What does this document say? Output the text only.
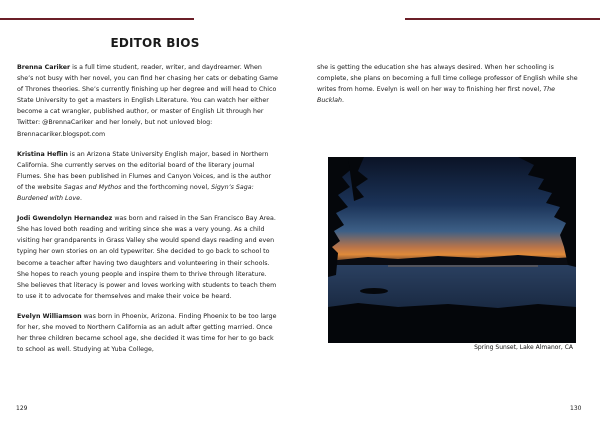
EDITOR BIOS

Brenna Cariker is a full time student, reader, writer, and daydreamer. When she’s not busy with her novel, you can find her chasing her cats or debating Game of Thrones theories. She’s currently finishing up her degree and will head to Chico State University to get a masters in English Literature. You can watch her either become a cat wrangler, published author, or master of English Lit through her Twitter: @BrennaCariker and her lonely, but not unloved blog: Brennacariker.blogspot.com

Kristina Heflin is an Arizona State University English major, based in Northern California. She currently serves on the editorial board of the literary journal Flumes. She has been published in Flumes and Canyon Voices, and is the author of the website Sagas and Mythos and the forthcoming novel, Sigyn’s Saga: Burdened with Love.

Jodi Gwendolyn Hernandez was born and raised in the San Francisco Bay Area. She has loved both reading and writing since she was a very young. As a child visiting her grandparents in Grass Valley she would spend days reading and even typing her own stories on an old typewriter. She decided to go back to school to become a teacher after having two daughters and volunteering in their schools. She hopes to reach young people and inspire them to thrive through literature. She believes that literacy is power and loves working with students to teach them to use it to advocate for themselves and make their voice be heard.

Evelyn Williamson was born in Phoenix, Arizona. Finding Phoenix to be too large for her, she moved to Northern California as an adult after getting married. Once her three children became school age, she decided it was time for her to go back to school as well. Studying at Yuba College,

she is getting the education she has always desired. When her schooling is complete, she plans on becoming a full time college professor of English while she writes from home. Evelyn is well on her way to finishing her first novel, The Bucklah.

Spring Sunset, Lake Almanor, CA
129	130
